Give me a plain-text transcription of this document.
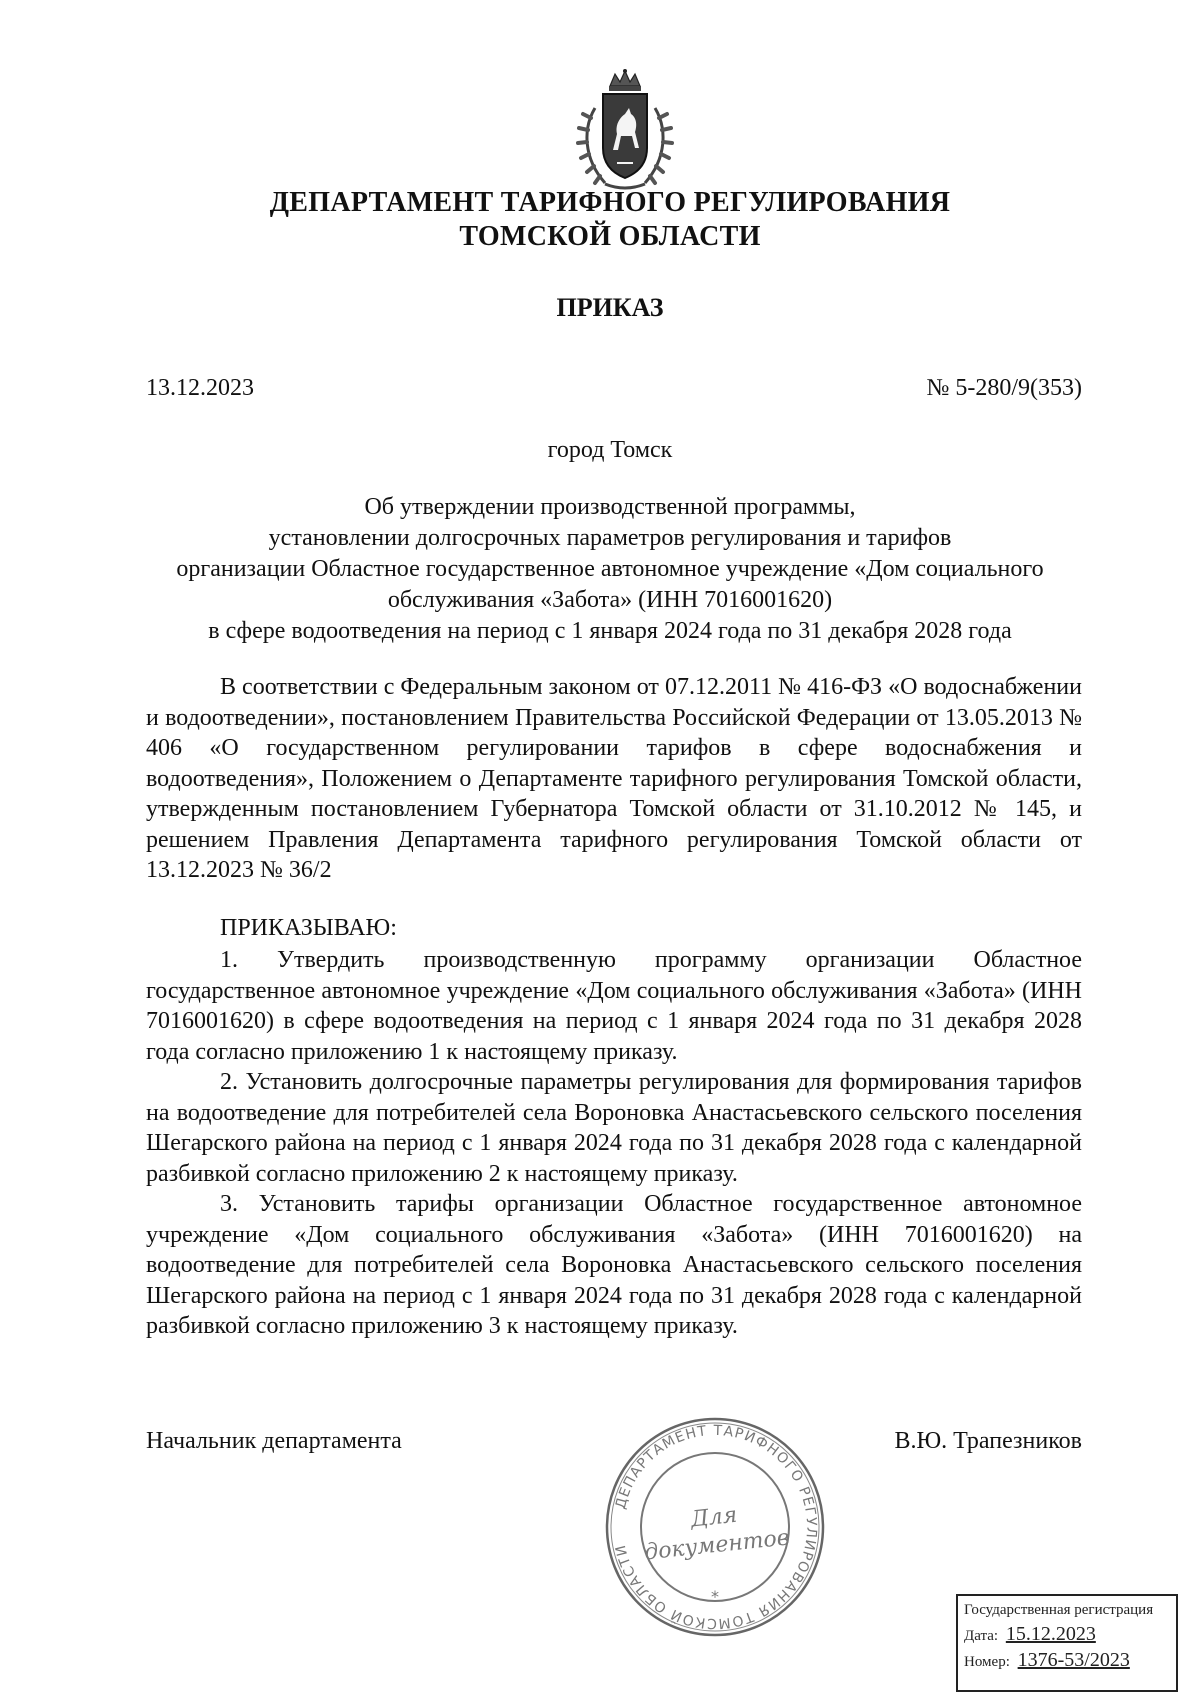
ДЕПАРТАМЕНТ ТАРИФНОГО РЕГУЛИРОВАНИЯ
ТОМСКОЙ ОБЛАСТИ
ПРИКАЗ
13.12.2023	№ 5-280/9(353)
город Томск
Об утверждении производственной программы,
установлении долгосрочных параметров регулирования и тарифов
организации Областное государственное автономное учреждение «Дом социального
обслуживания «Забота» (ИНН 7016001620)
в сфере водоотведения на период с 1 января 2024 года по 31 декабря 2028 года

В соответствии с Федеральным законом от 07.12.2011 № 416-ФЗ «О водоснабжении и водоотведении», постановлением Правительства Российской Федерации от 13.05.2013 № 406 «О государственном регулировании тарифов в сфере водоснабжения и водоотведения», Положением о Департаменте тарифного регулирования Томской области, утвержденным постановлением Губернатора Томской области от 31.10.2012 № 145, и решением Правления Департамента тарифного регулирования Томской области от 13.12.2023 № 36/2

ПРИКАЗЫВАЮ:

1. Утвердить производственную программу организации Областное государственное автономное учреждение «Дом социального обслуживания «Забота» (ИНН 7016001620) в сфере водоотведения на период с 1 января 2024 года по 31 декабря 2028 года согласно приложению 1 к настоящему приказу.

2. Установить долгосрочные параметры регулирования для формирования тарифов на водоотведение для потребителей села Вороновка Анастасьевского сельского поселения Шегарского района на период с 1 января 2024 года по 31 декабря 2028 года с календарной разбивкой согласно приложению 2 к настоящему приказу.

3. Установить тарифы организации Областное государственное автономное учреждение «Дом социального обслуживания «Забота» (ИНН 7016001620) на водоотведение для потребителей села Вороновка Анастасьевского сельского поселения Шегарского района на период с 1 января 2024 года по 31 декабря 2028 года с календарной разбивкой согласно приложению 3 к настоящему приказу.

Начальник департамента	В.Ю. Трапезников
ДЕПАРТАМЕНТ ТАРИФНОГО РЕГУЛИРОВАНИЯ ТОМСКОЙ ОБЛАСТИ
*
Для
документов
Государственная регистрация
Дата: 15.12.2023
Номер: 1376-53/2023
